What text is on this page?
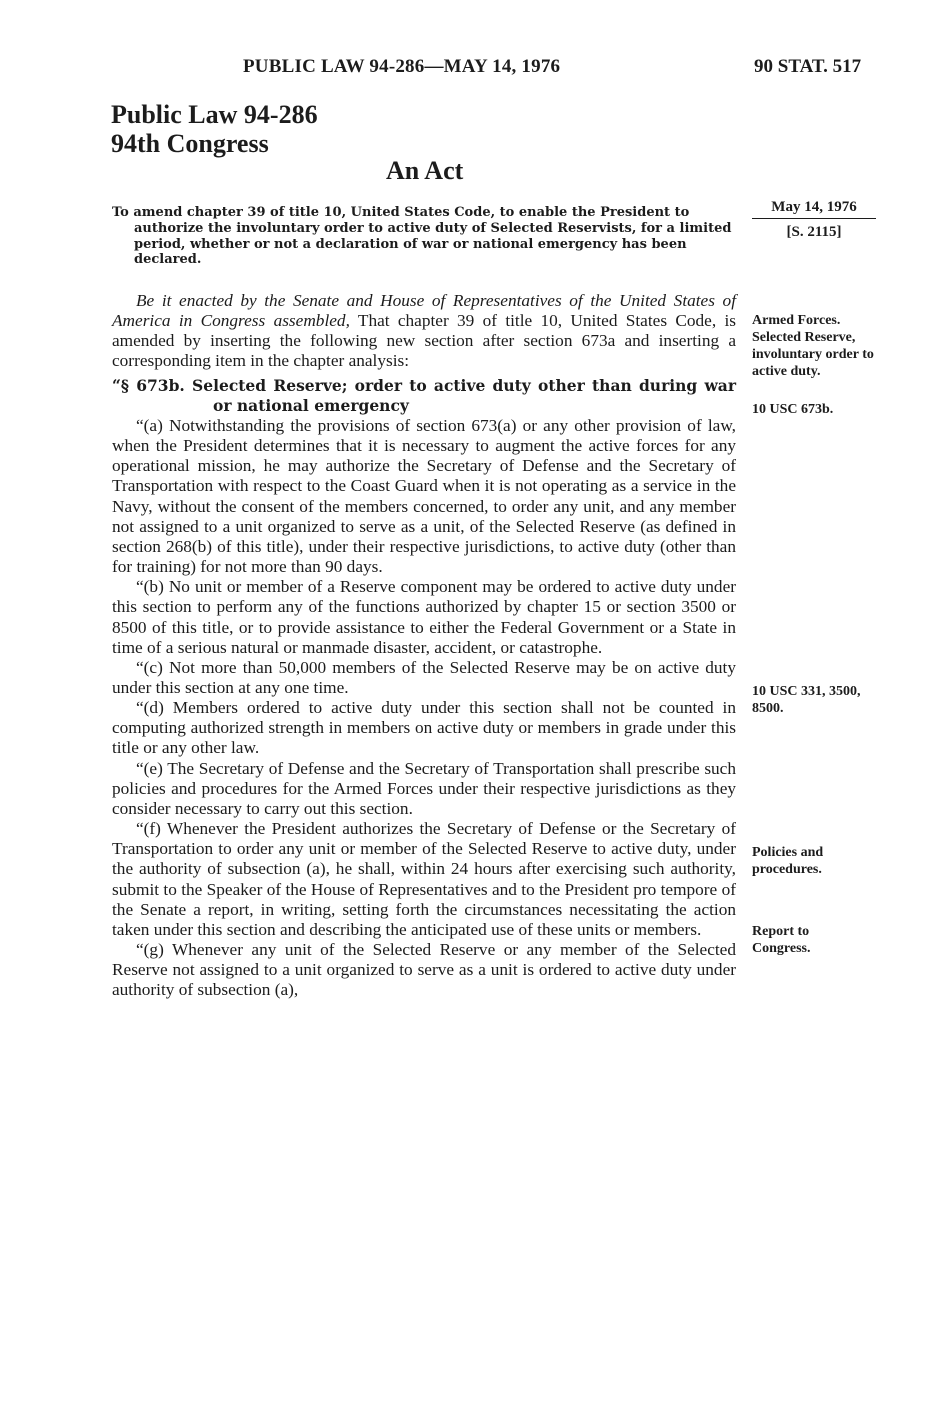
PUBLIC LAW 94-286—MAY 14, 1976	90 STAT. 517
Public Law 94-286
94th Congress
An Act
To amend chapter 39 of title 10, United States Code, to enable the President to authorize the involuntary order to active duty of Selected Reservists, for a limited period, whether or not a declaration of war or national emergency has been declared.
May 14, 1976
[S. 2115]

Be it enacted by the Senate and House of Representatives of the United States of America in Congress assembled, That chapter 39 of title 10, United States Code, is amended by inserting the following new section after section 673a and inserting a corresponding item in the chapter analysis:

“§ 673b. Selected Reserve; order to active duty other than during war or national emergency

“(a) Notwithstanding the provisions of section 673(a) or any other provision of law, when the President determines that it is necessary to augment the active forces for any operational mission, he may authorize the Secretary of Defense and the Secretary of Transportation with respect to the Coast Guard when it is not operating as a service in the Navy, without the consent of the members concerned, to order any unit, and any member not assigned to a unit organized to serve as a unit, of the Selected Reserve (as defined in section 268(b) of this title), under their respective jurisdictions, to active duty (other than for training) for not more than 90 days.

“(b) No unit or member of a Reserve component may be ordered to active duty under this section to perform any of the functions authorized by chapter 15 or section 3500 or 8500 of this title, or to provide assistance to either the Federal Government or a State in time of a serious natural or manmade disaster, accident, or catastrophe.

“(c) Not more than 50,000 members of the Selected Reserve may be on active duty under this section at any one time.

“(d) Members ordered to active duty under this section shall not be counted in computing authorized strength in members on active duty or members in grade under this title or any other law.

“(e) The Secretary of Defense and the Secretary of Transportation shall prescribe such policies and procedures for the Armed Forces under their respective jurisdictions as they consider necessary to carry out this section.

“(f) Whenever the President authorizes the Secretary of Defense or the Secretary of Transportation to order any unit or member of the Selected Reserve to active duty, under the authority of subsection (a), he shall, within 24 hours after exercising such authority, submit to the Speaker of the House of Representatives and to the President pro tempore of the Senate a report, in writing, setting forth the circumstances necessitating the action taken under this section and describing the anticipated use of these units or members.

“(g) Whenever any unit of the Selected Reserve or any member of the Selected Reserve not assigned to a unit organized to serve as a unit is ordered to active duty under authority of subsection (a),

Armed Forces. Selected Reserve, involuntary order to active duty.
10 USC 673b.
10 USC 331, 3500, 8500.
Policies and procedures.
Report to Congress.
